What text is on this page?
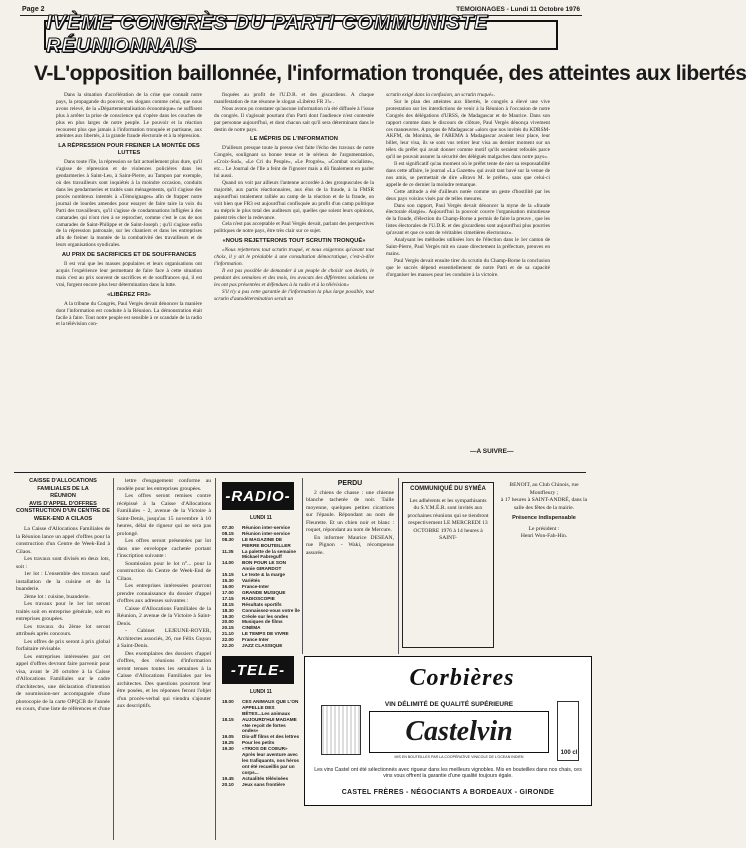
Page 2	TEMOIGNAGES - Lundi 11 Octobre 1976
IVÈME CONGRÈS DU PARTI COMMUNISTE RÉUNIONNAIS
V-L'opposition baillonnée, l'information tronquée, des atteintes aux libertés

Dans la situation d'accélération de la crise que connaît notre pays, la propagande du pouvoir, ses slogans comme celui, que nous avons relevé, de la «Départementalisation économique» ne suffisent plus à arrêter la prise de conscience qui s'opère dans les couches de plus en plus larges de notre peuple. Le pouvoir et la réaction recourent plus que jamais à l'information tronquée et partisane, aux atteintes aux libertés, à la grande fraude électorale et à la répression.

LA RÉPRESSION POUR FREINER LA MONTÉE DES LUTTES

Dans toute l'île, la répression se fait actuellement plus dure, qu'il s'agisse de répression et de violences policières dans les gendarmeries à Saint-Leu, à Saint-Pierre, au Tampon par exemple, où des travailleurs sont inquiétés à la moindre occasion, conduits dans les gendarmeries et traités sans ménagements, qu'il s'agisse des procès nombreux intentés à «Témoignages» afin de frapper notre journal de lourdes amendes pour essayer de faire taire la voix du Parti des travailleurs, qu'il s'agisse de condamnations infligées à des camarades qui n'ont rien à se reprocher, comme c'est le cas de nos camarades de Saint-Philippe et de Saint-Joseph ; qu'il s'agisse enfin de la répression patronale, sur les chantiers et dans les entreprises afin de freiner la montée de la combativité des travailleurs et de leurs organisations syndicales.

AU PRIX DE SACRIFICES ET DE SOUFFRANCES

Il est vrai que les masses populaires et leurs organisations ont acquis l'expérience leur permettant de faire face à cette situation mais c'est au prix souvent de sacrifices et de souffrances qui, il est vrai, forgent encore plus leur détermination dans la lutte.

«LIBÉREZ FR3»

A la tribune du Congrès, Paul Vergès devait dénoncer la manière dont l'information est conduite à la Réunion. La démonstration était facile à faire. Tout notre peuple est sensible à ce scandale de la radio et la télévision con-

fisquées au profit de l'U.D.R. et des giscardiens. A chaque manifestation de rue résonne le slogan «Libérez FR 3!» .

Nous avons pu constater qu'aucune information n'a été diffusée à l'issue du congrès. Il s'agissait pourtant d'un Parti dont l'audience n'est contestée par personne aujourd'hui, et dont chacun sait qu'il sera déterminant dans le destin de notre pays.

LE MÉPRIS DE L'INFORMATION

D'ailleurs presque toute la presse s'est faite l'écho des travaux de notre Congrès, soulignant sa bonne tenue et le sérieux de l'argumentation, «Croix-Sud», «Le Cri du Peuple», «Le Progrès», «Combat socialiste», etc... Le Journal de l'Ile a feint de l'ignorer mais a dû finalement en parler lui aussi.

Quand on voit par ailleurs l'antenne accordée à des groupuscules de la majorité, aux partis réactionnaires, aux élus de la fraude, à la FMSR aujourd'hui totalement ralliée au camp de la réaction et de la fraude, on voit bien que FR3 est aujourd'hui confisquée au profit d'un camp politique au mépris le plus total des auditeurs qui, quelles que soient leurs opinions, paient très cher la redevance.

Cela n'est pas acceptable et Paul Vergès devait, parlant des perspectives politiques de notre pays, être très clair sur ce sujet.

«NOUS REJETTERONS TOUT SCRUTIN TRONQUÉ»

«Nous rejetterons tout scrutin truqué, et nous exigerons qu'avant tout choix, il y ait le préalable à une consultation démocratique, c'est-à-dire l'information.

Il est pas possible de demander à un peuple de choisir son destin, le pendant des semaines et des mois, les avocats des différentes solutions ne les ont pas présentées et défendues à la radio et à la télévision»

S'il n'y a pas cette garantie de l'information la plus large possible, tout scrutin d'autodétermination serait un

scrutin exigé dans la confusion, un scrutin truqué».

Sur le plan des atteintes aux libertés, le congrès a élevé une vive protestation sur les interdictions de venir à la Réunion à l'occasion de notre Congrès des délégations d'URSS, de Madagascar et de Maurice. Dans son rapport comme dans le discours de clôture, Paul Vergès dénonça vivement ces manœuvres. A propos de Madagascar «alors que nos invités du KDRSM-AKFM, du Monima, de l'AREMA à Madagascar avaient leur place, leur billet, leur visa, ils se sont vus retirer leur visa au dernier moment sur un télex du préfet qui avait donner comme motif qu'ils seraient refoulés parce qu'il ne pouvait assurer la sécurité des délégués malgaches dans notre pays».

Il est significatif qu'au moment où le préfet tente de nier sa responsabilité dans cette affaire, le journal «La Gazette» qui avait tant bavé sur la venue de nos amis, se permettait de dire «Bravo M. le préfet», sans que celui-ci appelle de ce dernier la moindre remarque.

Cette attitude a été d'ailleurs notée comme un geste d'hostilité par les deux pays voisins visés par de telles mesures.

Dans son rapport, Paul Vergès devait dénoncer la myne de la «fraude électorale élargie». Aujourd'hui la pouvoir couvre l'organisation minutieuse de la fraude, d'élection du Champ-Borne a permis de faire la preuve , que les listes électorales de l'U.D.R. et des giscardiens sont aujourd'hui plus pourries qu'avant et que ce sont de véritables cimetières électoraux».

Analysant les méthodes utilisées lors de l'élection dans le 1er canton de Saint-Pierre, Paul Vergès mit en cause directement la préfecture, preuves en mains.

Paul Vergès devait ensuite tirer du scrutin du Champ-Borne la conclusion que le succès dépend essentiellement de notre Parti et de sa capacité d'organiser les masses pour les conduire à la victoire.

—A SUIVRE—
CAISSE D'ALLOCATIONS
FAMILIALES DE LA
RÉUNION
AVIS D'APPEL D'OFFRES
CONSTRUCTION D'UN CENTRE DE WEEK-END A CILAOS

La Caisse d'Allocations Familiales de la Réunion lance un appel d'offres pour la construction d'un Centre de Week-End à Cilaos.

Les travaux sont divisés en deux lots, soit :

1er lot : L'ensemble des travaux sauf installation de la cuisine et de la buanderie.

2ème lot : cuisine, buanderie.

Les travaux pour le 1er lot seront traités soit en entreprise générale, soit en entreprises groupées.

Les travaux du 2ème lot seront attribués après concours.

Les offres de prix seront à prix global forfaitaire révisable.

Les entreprises intéressées par cet appel d'offres devront faire parvenir pour visa, avant le 20 octobre à la Caisse d'Allocations Familiales sur le cadre d'architectes, une déclaration d'intention de soumission-ner accompagnée d'une photocopie de la carte OPQCB de l'année en cours, d'une liste de références et d'une

lettre d'engagement conforme au modèle pour les entreprises groupées.

Les offres seront remises contre récépissé à la Caisse d'Allocations Familiales - 2, avenue de la Victoire à Saint-Denis, jusqu'au 15 novembre à 10 heures, délai de rigueur qui ne sera pas prolongé.

Les offres seront présentées par lot dans une enveloppe cachetée portant l'inscription suivante :

Soumission pour le lot n°... pour la construction du Centre de Week-End de Cilaos.

Les entreprises intéressées pourront prendre connaissance du dossier d'appel d'offres aux adresses suivantes :

Caisse d'Allocations Familiales de la Réunion, 2 avenue de la Victoire à Saint-Denis.

- Cabinet LEJEUNE-ROYER, Architectes associés, 26, rue Félix Guyon à Saint-Denis.

Des exemplaires des dossiers d'appel d'offres, des réunions d'information seront tenues toutes les semaines à la Caisse d'Allocations Familiales par les architectes. Des questions pourront leur être posées, et les réponses feront l'objet d'un procès-verbal qui viendra s'ajouter aux descriptifs.

-RADIO-
LUNDI 11
07.30	Réunion inter-service
08.15	Réunion inter-service
08.30	LE MAGAZINE DE PIERRE BOUTEILLER
11.35	La palette de la semaine Mickael Fabreguff
14.00	BON POUR LE SON Annie GIRARDOT
15.15	Le texte & la marge
15.30	Variétés
16.00	France-Inter
17.00	GRANDE MUSIQUE
17.15	RADIOSCOPIE
18.15	Résultats sportifs
18.30	Connaissez-vous votre île
19.30	Créole sur les ondes
20.00	Musiques de films
20.15	CINÉMA
21.10	LE TEMPS DE VIVRE
22.00	France Inter
22.20	JAZZ CLASSIQUE
-TELE-
LUNDI 11
18.00	CES ANIMAUX QUE L'ON APPELLE DES BÊTES...Les animaux
18.15	AUJOURD'HUI MADAME «Ne reçoit de fortes ondes»
19.05	Dix-aff films et des lettres
19.25	Pour les petits
19.30	«TRIOS DE COEUR» Après leur aventure avec les trafiquants, nos héros ont été recueillis par un corps...
19.45	Actualités télévisées
20.10	Jeux sans frontière
PERDU

2 chiens de chasse : une chienne blanche tachetée de noir. Taille moyenne, quelques petites cicatrices sur l'épaule. Répondant au nom de Fleurette. Et un chien noir et blanc : roquet, répondant au nom de Mercure.

En informer Maurice DESEAN, rue Pignon - Waki, récompense assurée.

COMMUNIQUÉ DU SYMÉA

Les adhérents et les sympathisants du S.Y.M.É.R. sont invités aux prochaines réunions qui se tiendront respectivement LE MERCREDI 13 OCTOBRE 1976 à 14 heures à SAINT-

BENOIT, au Club Chinois, rue Montfleury ;

à 17 heures à SAINT-ANDRÉ, dans la salle des fêtes de la mairie.

Présence indispensable

Le président :

Henri Won-Fah-Hin.

Corbières
VIN DÉLIMITÉ DE QUALITÉ SUPÉRIEURE
Castelvin
MIS EN BOUTEILLES PAR LA COOPÉRATIVE VINICOLE DE L'OCEAN INDIEN
100 cl
Les vins Castel ont été sélectionnés avec rigueur dans les meilleurs vignobles. Mis en bouteilles dans nos chais, ces vins vous offrent la garantie d'une qualité toujours égale.
CASTEL FRÈRES - NÉGOCIANTS A BORDEAUX - GIRONDE
